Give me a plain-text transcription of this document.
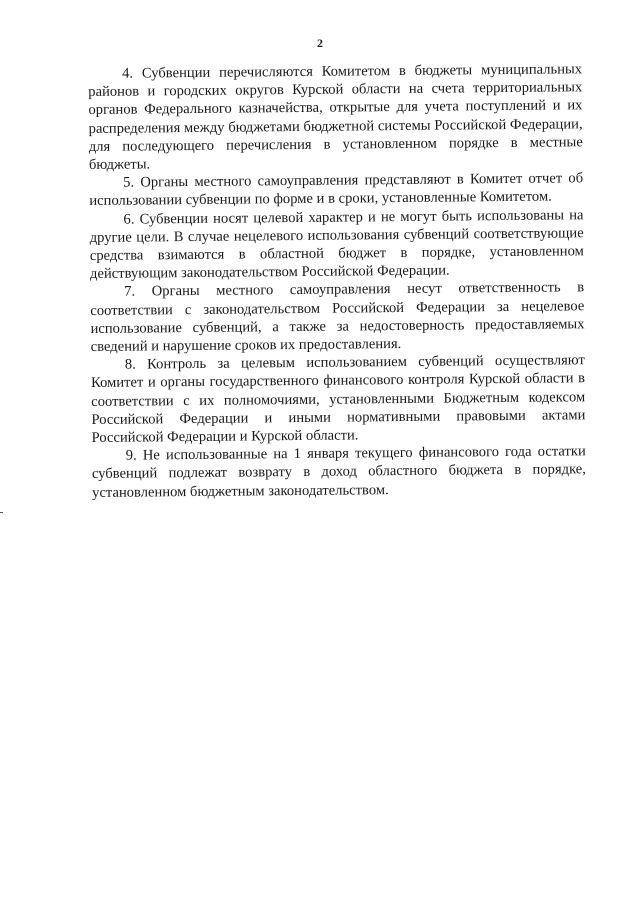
2

4. Субвенции перечисляются Комитетом в бюджеты муниципальных районов и городских округов Курской области на счета территориальных органов Федерального казначейства, открытые для учета поступлений и их распределения между бюджетами бюджетной системы Российской Федерации, для последующего перечисления в установленном порядке в местные бюджеты.

5. Органы местного самоуправления представляют в Комитет отчет об использовании субвенции по форме и в сроки, установленные Комитетом.

6. Субвенции носят целевой характер и не могут быть использованы на другие цели. В случае нецелевого использования субвенций соответствующие средства взимаются в областной бюджет в порядке, установленном действующим законодательством Российской Федерации.

7. Органы местного самоуправления несут ответственность в соответствии с законодательством Российской Федерации за нецелевое использование субвенций, а также за недостоверность предоставляемых сведений и нарушение сроков их предоставления.

8. Контроль за целевым использованием субвенций осуществляют Комитет и органы государственного финансового контроля Курской области в соответствии с их полномочиями, установленными Бюджетным кодексом Российской Федерации и иными нормативными правовыми актами Российской Федерации и Курской области.

9. Не использованные на 1 января текущего финансового года остатки субвенций подлежат возврату в доход областного бюджета в порядке, установленном бюджетным законодательством.
